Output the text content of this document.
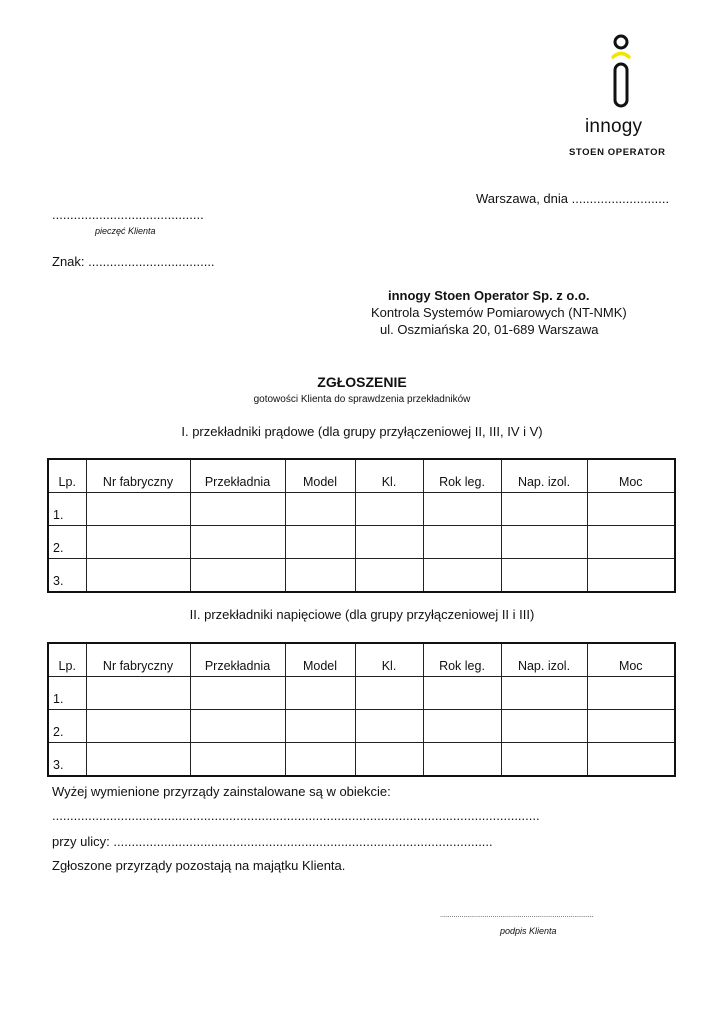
innogy
STOEN OPERATOR
Warszawa, dnia ...........................
..........................................
pieczęć Klienta
Znak: ...................................
innogy Stoen Operator Sp. z o.o.
Kontrola Systemów Pomiarowych (NT-NMK)
ul. Oszmiańska 20, 01-689 Warszawa
ZGŁOSZENIE
gotowości Klienta do sprawdzenia przekładników
I. przekładniki prądowe (dla grupy przyłączeniowej II, III, IV i V)
Lp.	Nr fabryczny	Przekładnia	Model	Kl.	Rok leg.	Nap. izol.	Moc
1.							
2.							
3.							
II. przekładniki napięciowe (dla grupy przyłączeniowej II i III)
Lp.	Nr fabryczny	Przekładnia	Model	Kl.	Rok leg.	Nap. izol.	Moc
1.							
2.							
3.							
Wyżej wymienione przyrządy zainstalowane są w obiekcie:
.......................................................................................................................................
przy ulicy: .........................................................................................................
Zgłoszone przyrządy pozostają na majątku Klienta.
...............................................................................
podpis Klienta
